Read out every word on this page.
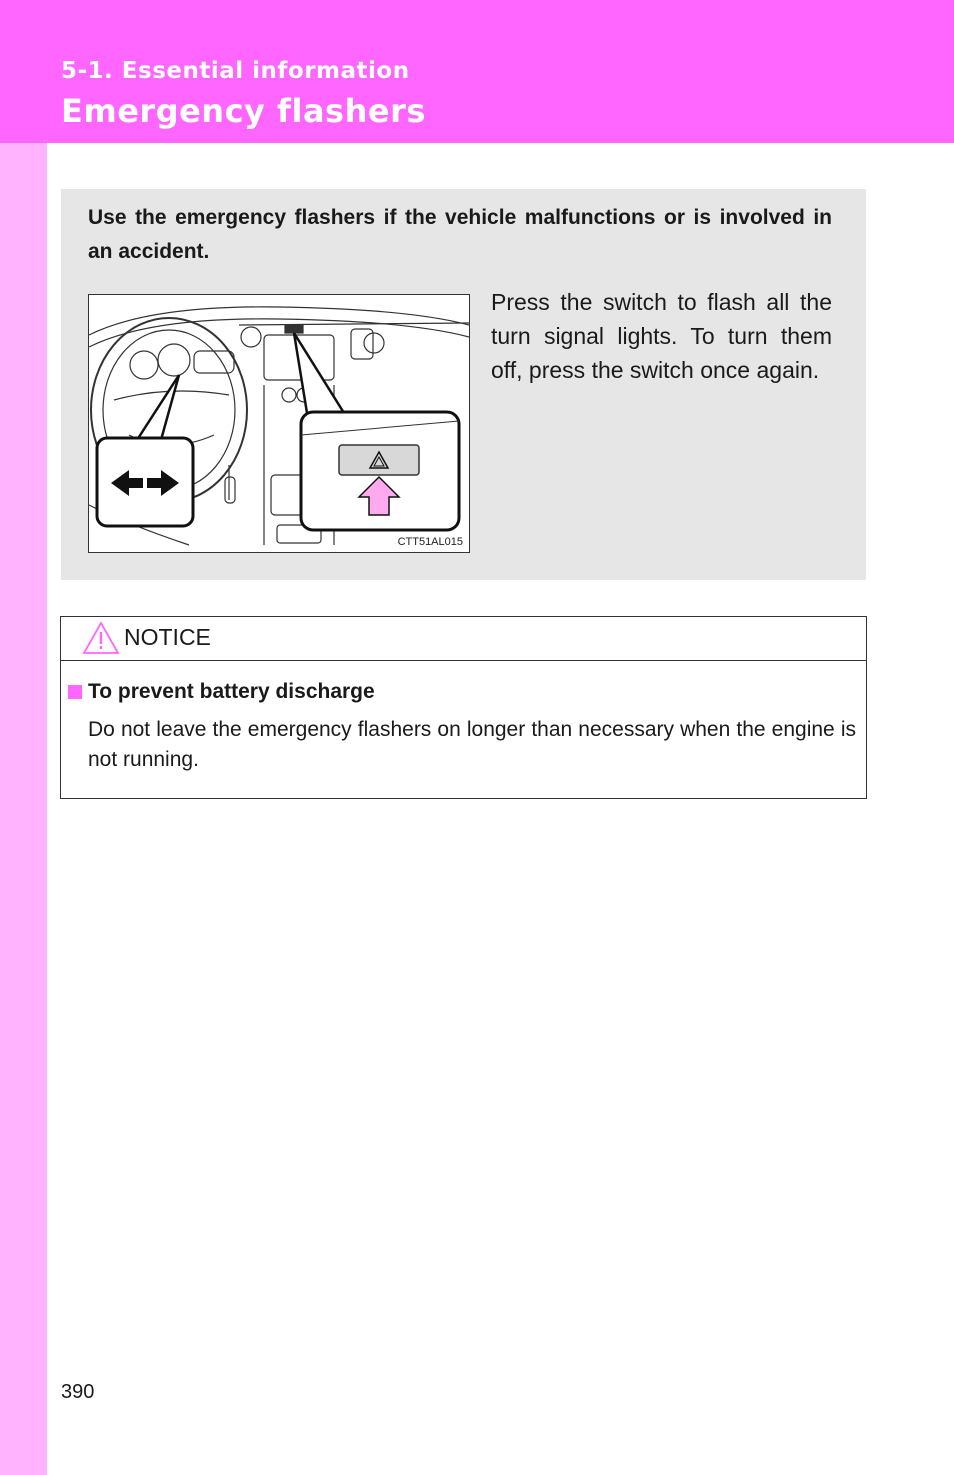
5-1. Essential information
Emergency flashers
Use the emergency flashers if the vehicle malfunctions or is involved in an accident.
CTT51AL015
Press the switch to flash all the turn signal lights. To turn them off, press the switch once again.
NOTICE
To prevent battery discharge
Do not leave the emergency flashers on longer than necessary when the engine is not running.
390
